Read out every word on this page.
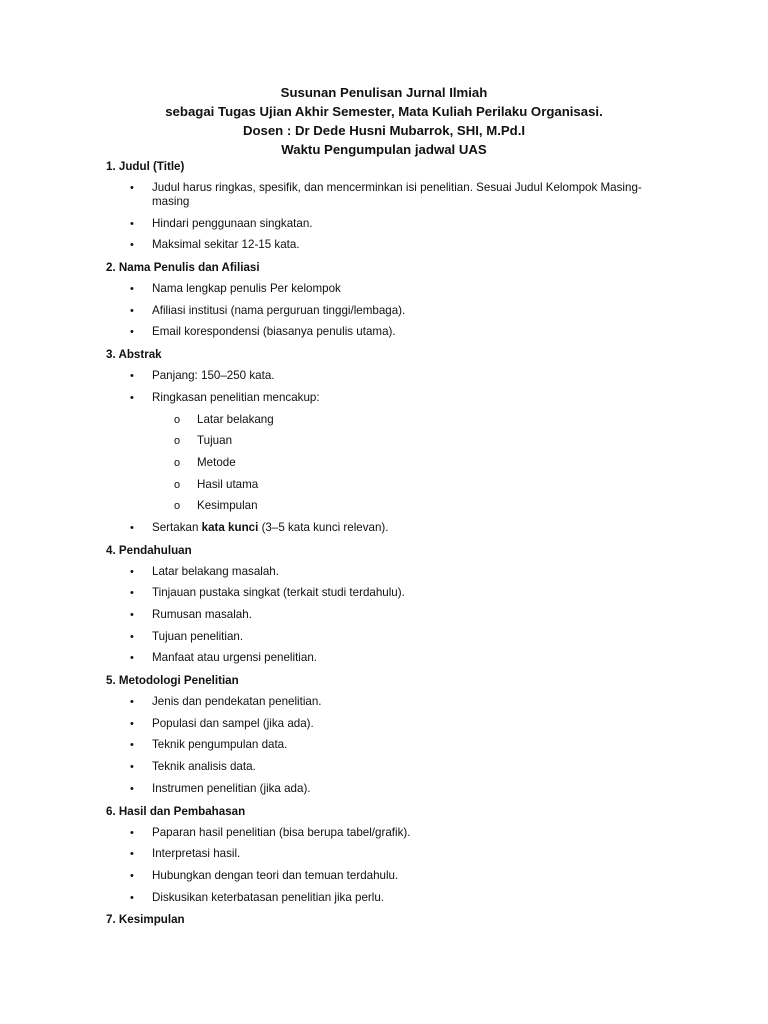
Susunan Penulisan Jurnal Ilmiah
sebagai Tugas Ujian Akhir Semester, Mata Kuliah Perilaku Organisasi.
Dosen : Dr Dede Husni Mubarrok, SHI, M.Pd.I
Waktu Pengumpulan jadwal UAS
1. Judul (Title)
• Judul harus ringkas, spesifik, dan mencerminkan isi penelitian. Sesuai Judul Kelompok Masing-masing
• Hindari penggunaan singkatan.
• Maksimal sekitar 12-15 kata.
2. Nama Penulis dan Afiliasi
• Nama lengkap penulis Per kelompok
• Afiliasi institusi (nama perguruan tinggi/lembaga).
• Email korespondensi (biasanya penulis utama).
3. Abstrak
• Panjang: 150–250 kata.
• Ringkasan penelitian mencakup:
o Latar belakang
o Tujuan
o Metode
o Hasil utama
o Kesimpulan
• Sertakan kata kunci (3–5 kata kunci relevan).
4. Pendahuluan
• Latar belakang masalah.
• Tinjauan pustaka singkat (terkait studi terdahulu).
• Rumusan masalah.
• Tujuan penelitian.
• Manfaat atau urgensi penelitian.
5. Metodologi Penelitian
• Jenis dan pendekatan penelitian.
• Populasi dan sampel (jika ada).
• Teknik pengumpulan data.
• Teknik analisis data.
• Instrumen penelitian (jika ada).
6. Hasil dan Pembahasan
• Paparan hasil penelitian (bisa berupa tabel/grafik).
• Interpretasi hasil.
• Hubungkan dengan teori dan temuan terdahulu.
• Diskusikan keterbatasan penelitian jika perlu.
7. Kesimpulan
